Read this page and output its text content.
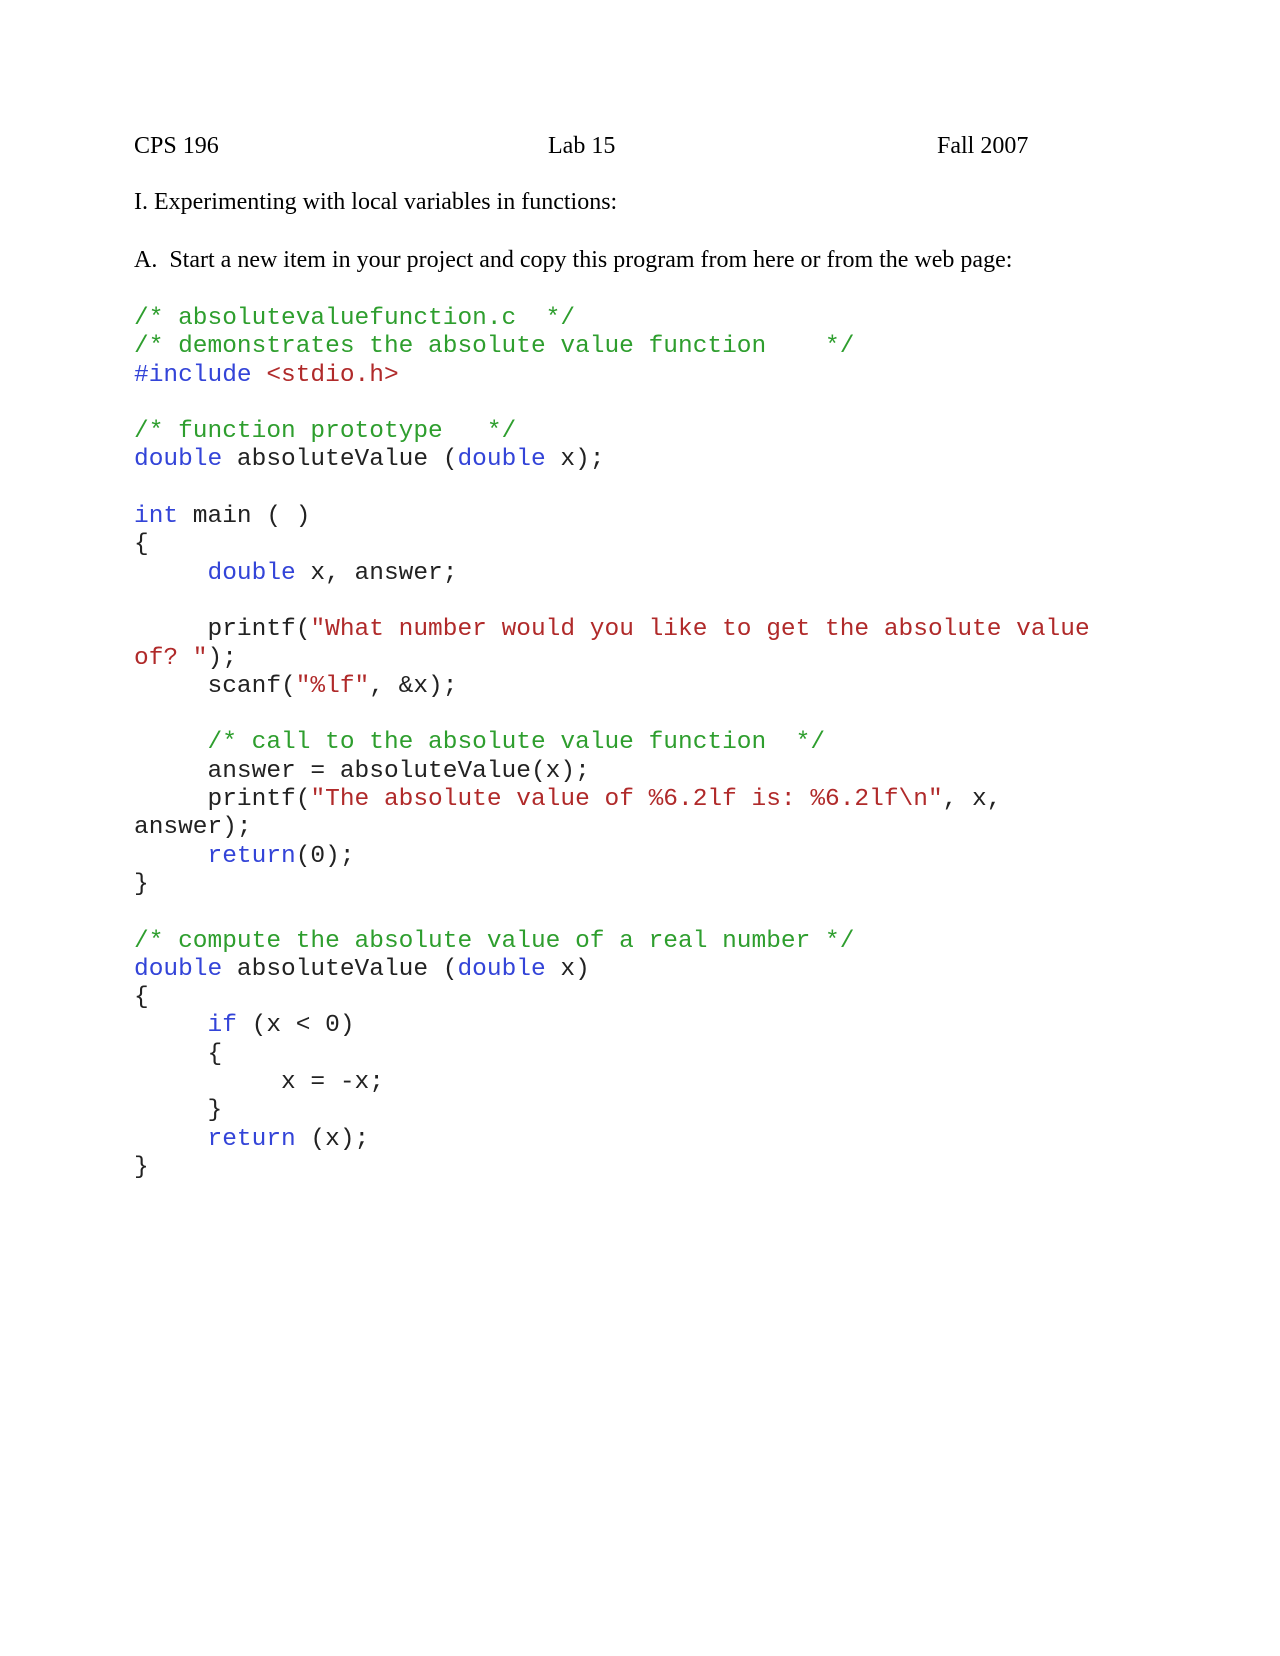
CPS 196

	Lab 15

	Fall 2007

I. Experimenting with local variables in functions:
A.  Start a new item in your project and copy this program from here or from the web page:
/* absolutevaluefunction.c  */
/* demonstrates the absolute value function    */
#include <stdio.h>
/* function prototype   */
double absoluteValue (double x);
int main ( )
{
double x, answer;
printf("What number would you like to get the absolute value
of? ");
scanf("%lf", &x);
/* call to the absolute value function  */
answer = absoluteValue(x);
printf("The absolute value of %6.2lf is: %6.2lf\n", x,
answer);
return(0);
}
/* compute the absolute value of a real number */
double absoluteValue (double x)
{
if (x < 0)
{
x = -x;
}
return (x);
}
